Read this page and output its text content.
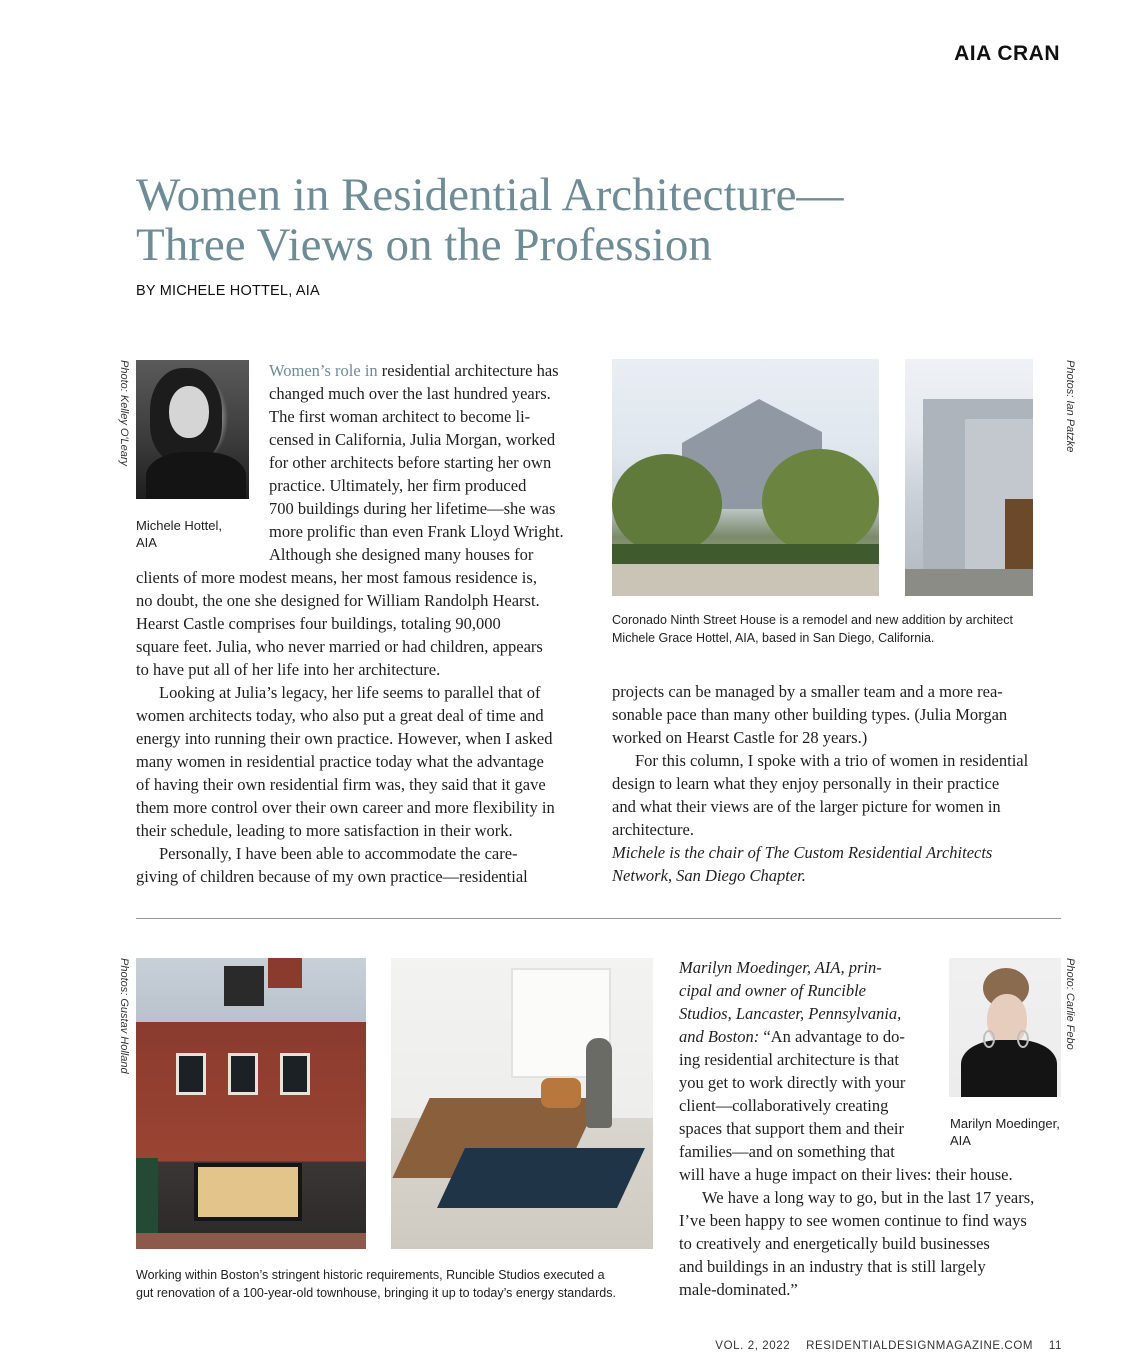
AIA CRAN
Women in Residential Architecture—
Three Views on the Profession
BY MICHELE HOTTEL, AIA
Photo: Kelley O'Leary
Michele Hottel,
AIA

Women’s role in residential architecture has

changed much over the last hundred years.

The first woman architect to become li-

censed in California, Julia Morgan, worked

for other architects before starting her own

practice. Ultimately, her firm produced

700 buildings during her lifetime—she was

more prolific than even Frank Lloyd Wright.

Although she designed many houses for

clients of more modest means, her most famous residence is,

no doubt, the one she designed for William Randolph Hearst.

Hearst Castle comprises four buildings, totaling 90,000

square feet. Julia, who never married or had children, appears

to have put all of her life into her architecture.

Looking at Julia’s legacy, her life seems to parallel that of

women architects today, who also put a great deal of time and

energy into running their own practice. However, when I asked

many women in residential practice today what the advantage

of having their own residential firm was, they said that it gave

them more control over their own career and more flexibility in

their schedule, leading to more satisfaction in their work.

Personally, I have been able to accommodate the care-

giving of children because of my own practice—residential

Photos: Ian Patzke
Coronado Ninth Street House is a remodel and new addition by architect
Michele Grace Hottel, AIA, based in San Diego, California.

projects can be managed by a smaller team and a more rea-

sonable pace than many other building types. (Julia Morgan

worked on Hearst Castle for 28 years.)

For this column, I spoke with a trio of women in residential

design to learn what they enjoy personally in their practice

and what their views are of the larger picture for women in

architecture.

Michele is the chair of The Custom Residential Architects

Network, San Diego Chapter.

Photos: Gustav Holland
Working within Boston’s stringent historic requirements, Runcible Studios executed a
gut renovation of a 100-year-old townhouse, bringing it up to today’s energy standards.

Marilyn Moedinger, AIA, prin-

cipal and owner of Runcible

Studios, Lancaster, Pennsylvania,

and Boston: “An advantage to do-

ing residential architecture is that

you get to work directly with your

client—collaboratively creating

spaces that support them and their

families—and on something that

will have a huge impact on their lives: their house.

We have a long way to go, but in the last 17 years,

I’ve been happy to see women continue to find ways

to creatively and energetically build businesses

and buildings in an industry that is still largely

male-dominated.”

Photo: Carlie Febo
Marilyn Moedinger,
AIA
VOL. 2, 2022 RESIDENTIALDESIGNMAGAZINE.COM 11
